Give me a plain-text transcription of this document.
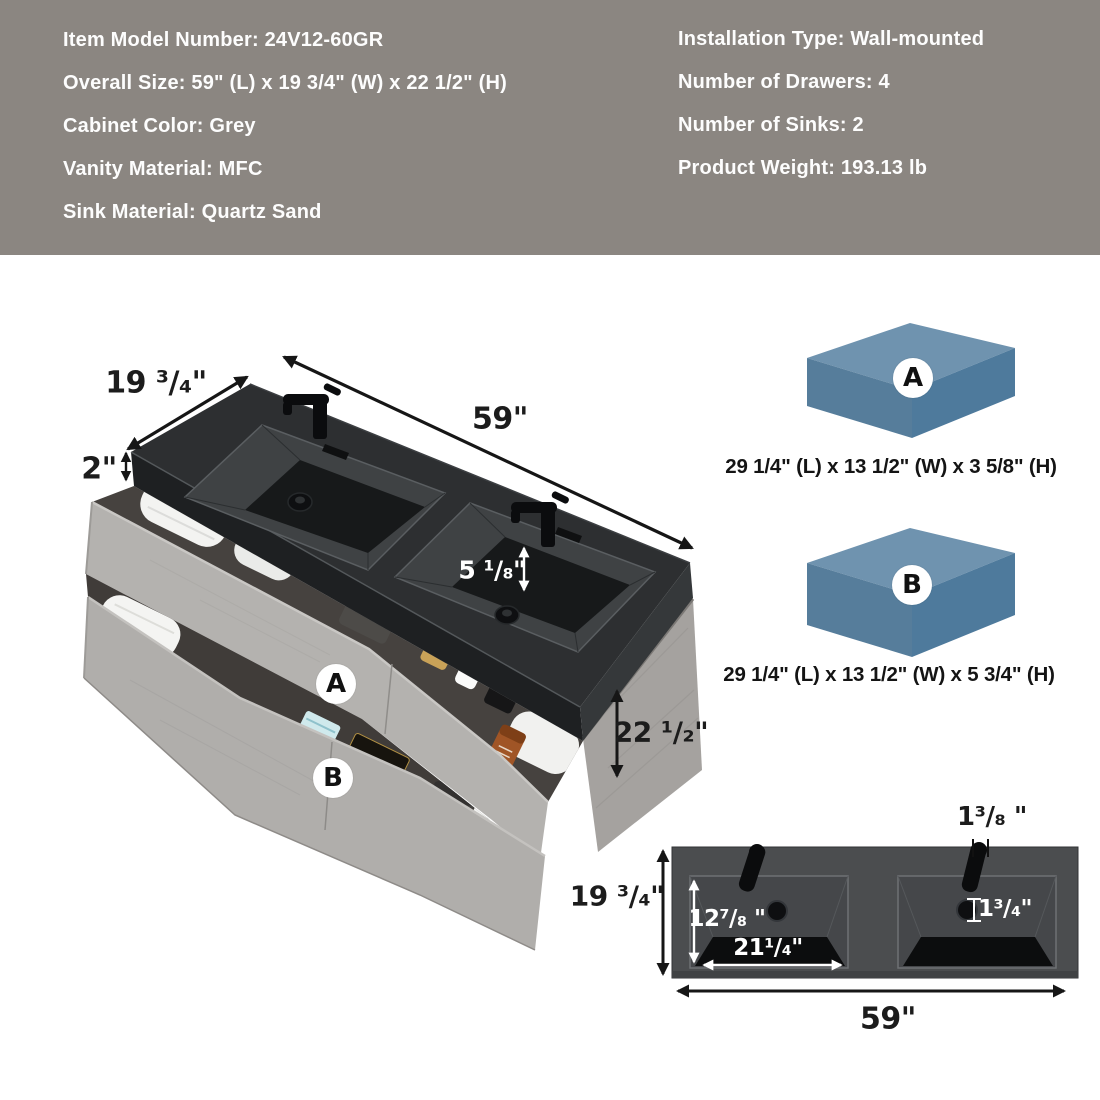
Item Model Number: 24V12-60GR
Overall Size: 59" (L) x 19 3/4" (W) x 22 1/2" (H)
Cabinet Color: Grey
Vanity Material: MFC
Sink Material: Quartz Sand
Installation Type: Wall-mounted
Number of Drawers: 4
Number of Sinks: 2
Product Weight: 193.13 lb
19 ³/₄"
59"
2"
5 ¹/₈"
22 ¹/₂"
A
B
A
29 1/4" (L) x 13 1/2" (W) x 3 5/8" (H)
B
29 1/4" (L) x 13 1/2" (W) x 5 3/4" (H)
1³/₈ "
12⁷/₈ "
21¹/₄"
1³/₄"
19 ³/₄"
59"
